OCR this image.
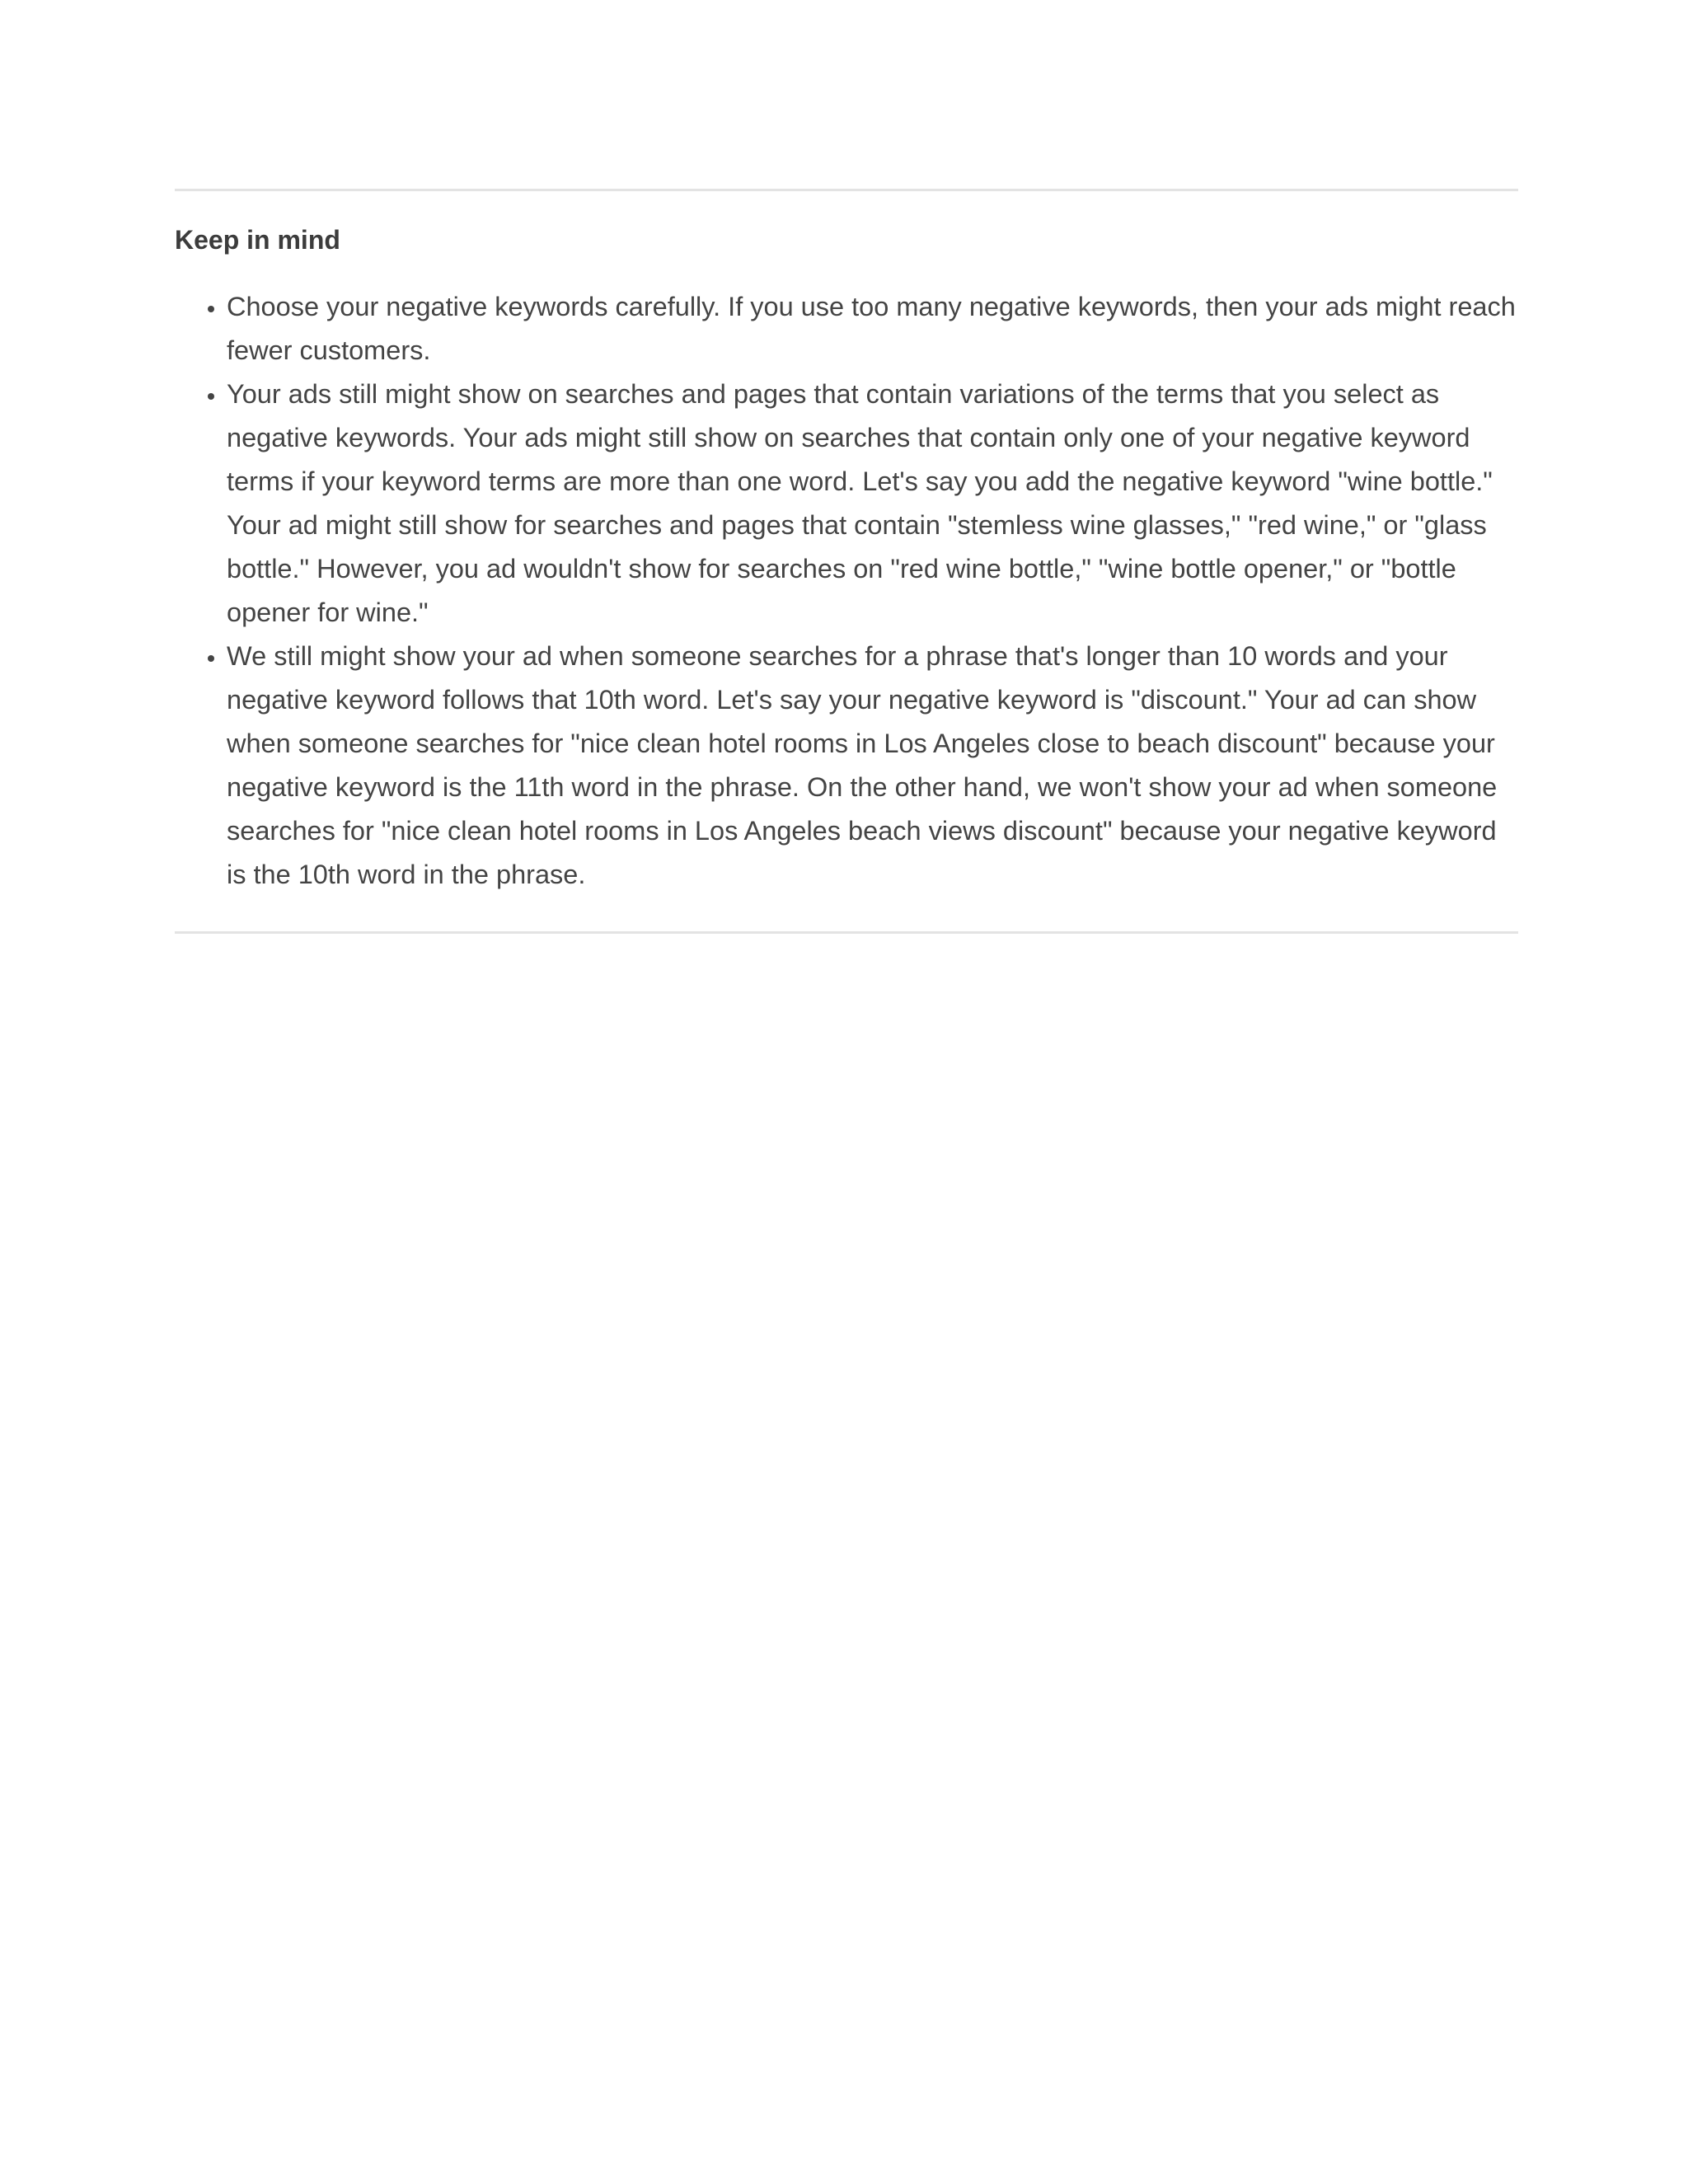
Keep in mind
• Choose your negative keywords carefully. If you use too many negative keywords, then your ads might reach fewer customers.
• Your ads still might show on searches and pages that contain variations of the terms that you select as negative keywords. Your ads might still show on searches that contain only one of your negative keyword terms if your keyword terms are more than one word. Let's say you add the negative keyword "wine bottle." Your ad might still show for searches and pages that contain "stemless wine glasses," "red wine," or "glass bottle." However, you ad wouldn't show for searches on "red wine bottle," "wine bottle opener," or "bottle opener for wine."
• We still might show your ad when someone searches for a phrase that's longer than 10 words and your negative keyword follows that 10th word. Let's say your negative keyword is "discount." Your ad can show when someone searches for "nice clean hotel rooms in Los Angeles close to beach discount" because your negative keyword is the 11th word in the phrase. On the other hand, we won't show your ad when someone searches for "nice clean hotel rooms in Los Angeles beach views discount" because your negative keyword is the 10th word in the phrase.
